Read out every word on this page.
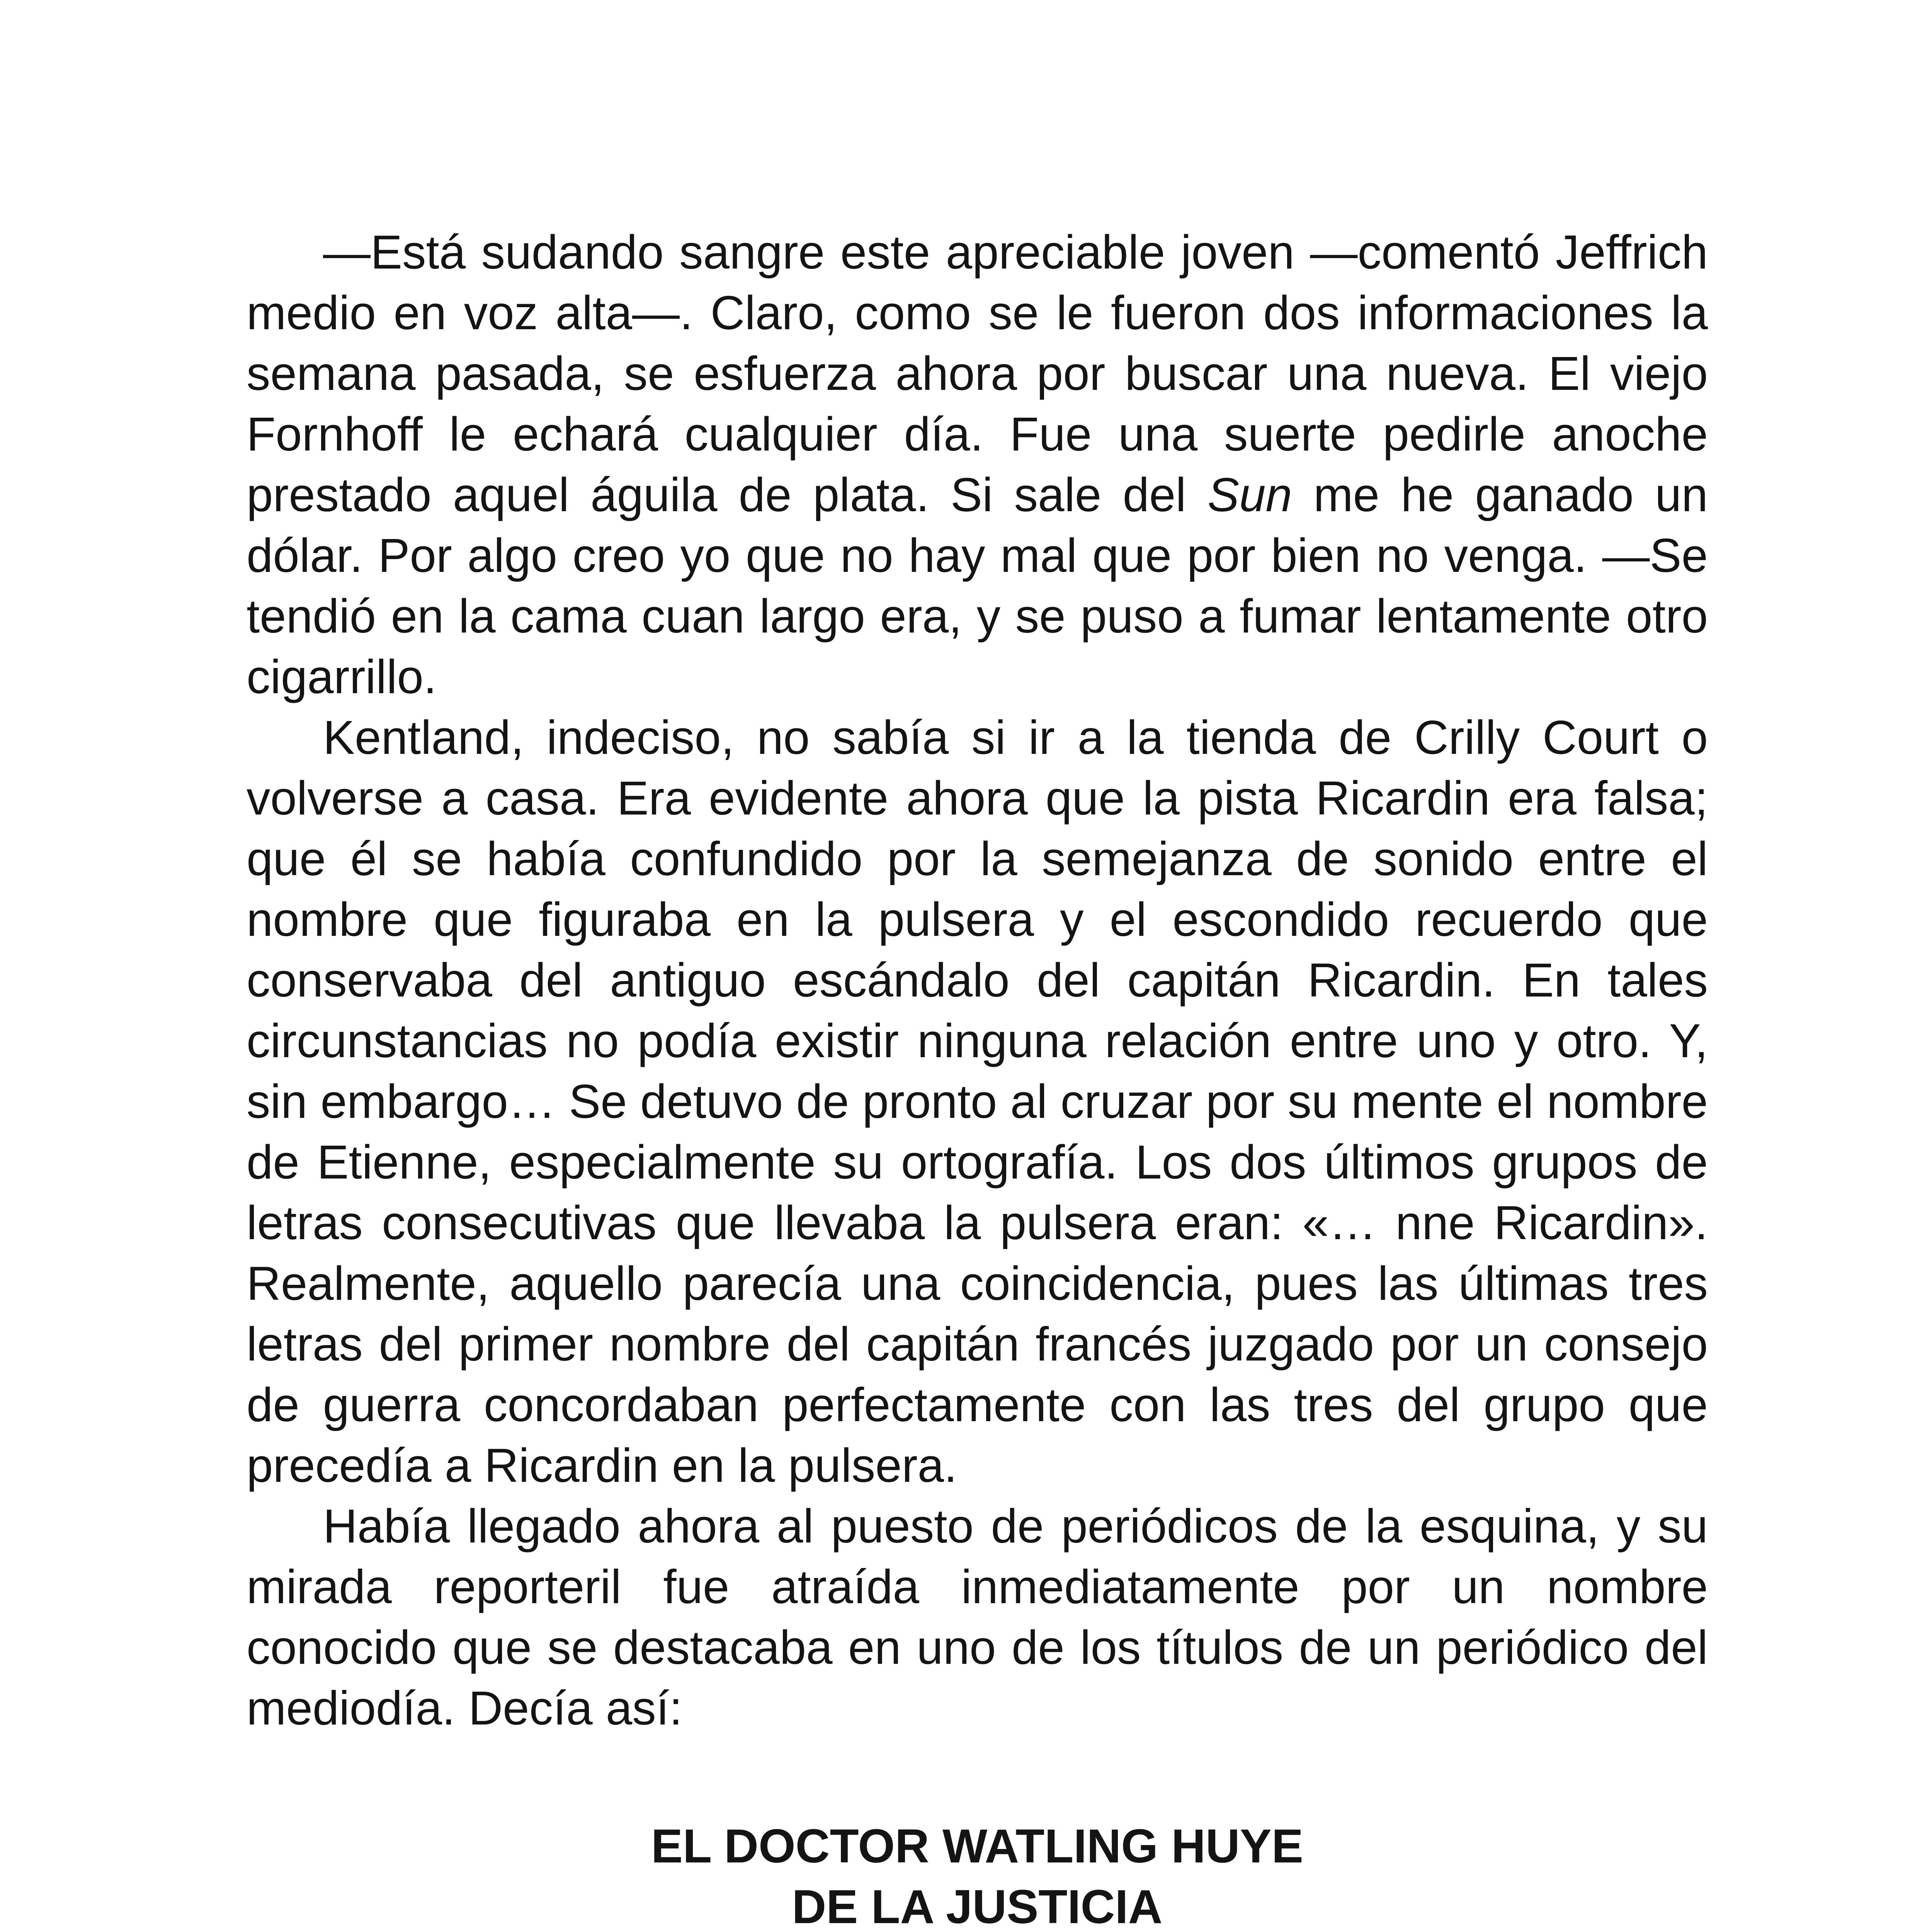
—Está sudando sangre este apreciable joven —comentó Jeffrich medio en voz alta—. Claro, como se le fueron dos informaciones la semana pasada, se esfuerza ahora por buscar una nueva. El viejo Fornhoff le echará cualquier día. Fue una suerte pedirle anoche prestado aquel águila de plata. Si sale del Sun me he ganado un dólar. Por algo creo yo que no hay mal que por bien no venga. —Se tendió en la cama cuan largo era, y se puso a fumar lentamente otro cigarrillo.

Kentland, indeciso, no sabía si ir a la tienda de Crilly Court o volverse a casa. Era evidente ahora que la pista Ricardin era falsa; que él se había confundido por la semejanza de sonido entre el nombre que figuraba en la pulsera y el escondido recuerdo que conservaba del antiguo escándalo del capitán Ricardin. En tales circunstancias no podía existir ninguna relación entre uno y otro. Y, sin embargo… Se detuvo de pronto al cruzar por su mente el nombre de Etienne, especialmente su ortografía. Los dos últimos grupos de letras consecutivas que llevaba la pulsera eran: «… nne Ricardin». Realmente, aquello parecía una coincidencia, pues las últimas tres letras del primer nombre del capitán francés juzgado por un consejo de guerra concordaban perfectamente con las tres del grupo que precedía a Ricardin en la pulsera.

Había llegado ahora al puesto de periódicos de la esquina, y su mirada reporteril fue atraída inmediatamente por un nombre conocido que se destacaba en uno de los títulos de un periódico del mediodía. Decía así:

EL DOCTOR WATLING HUYE
DE LA JUSTICIA
